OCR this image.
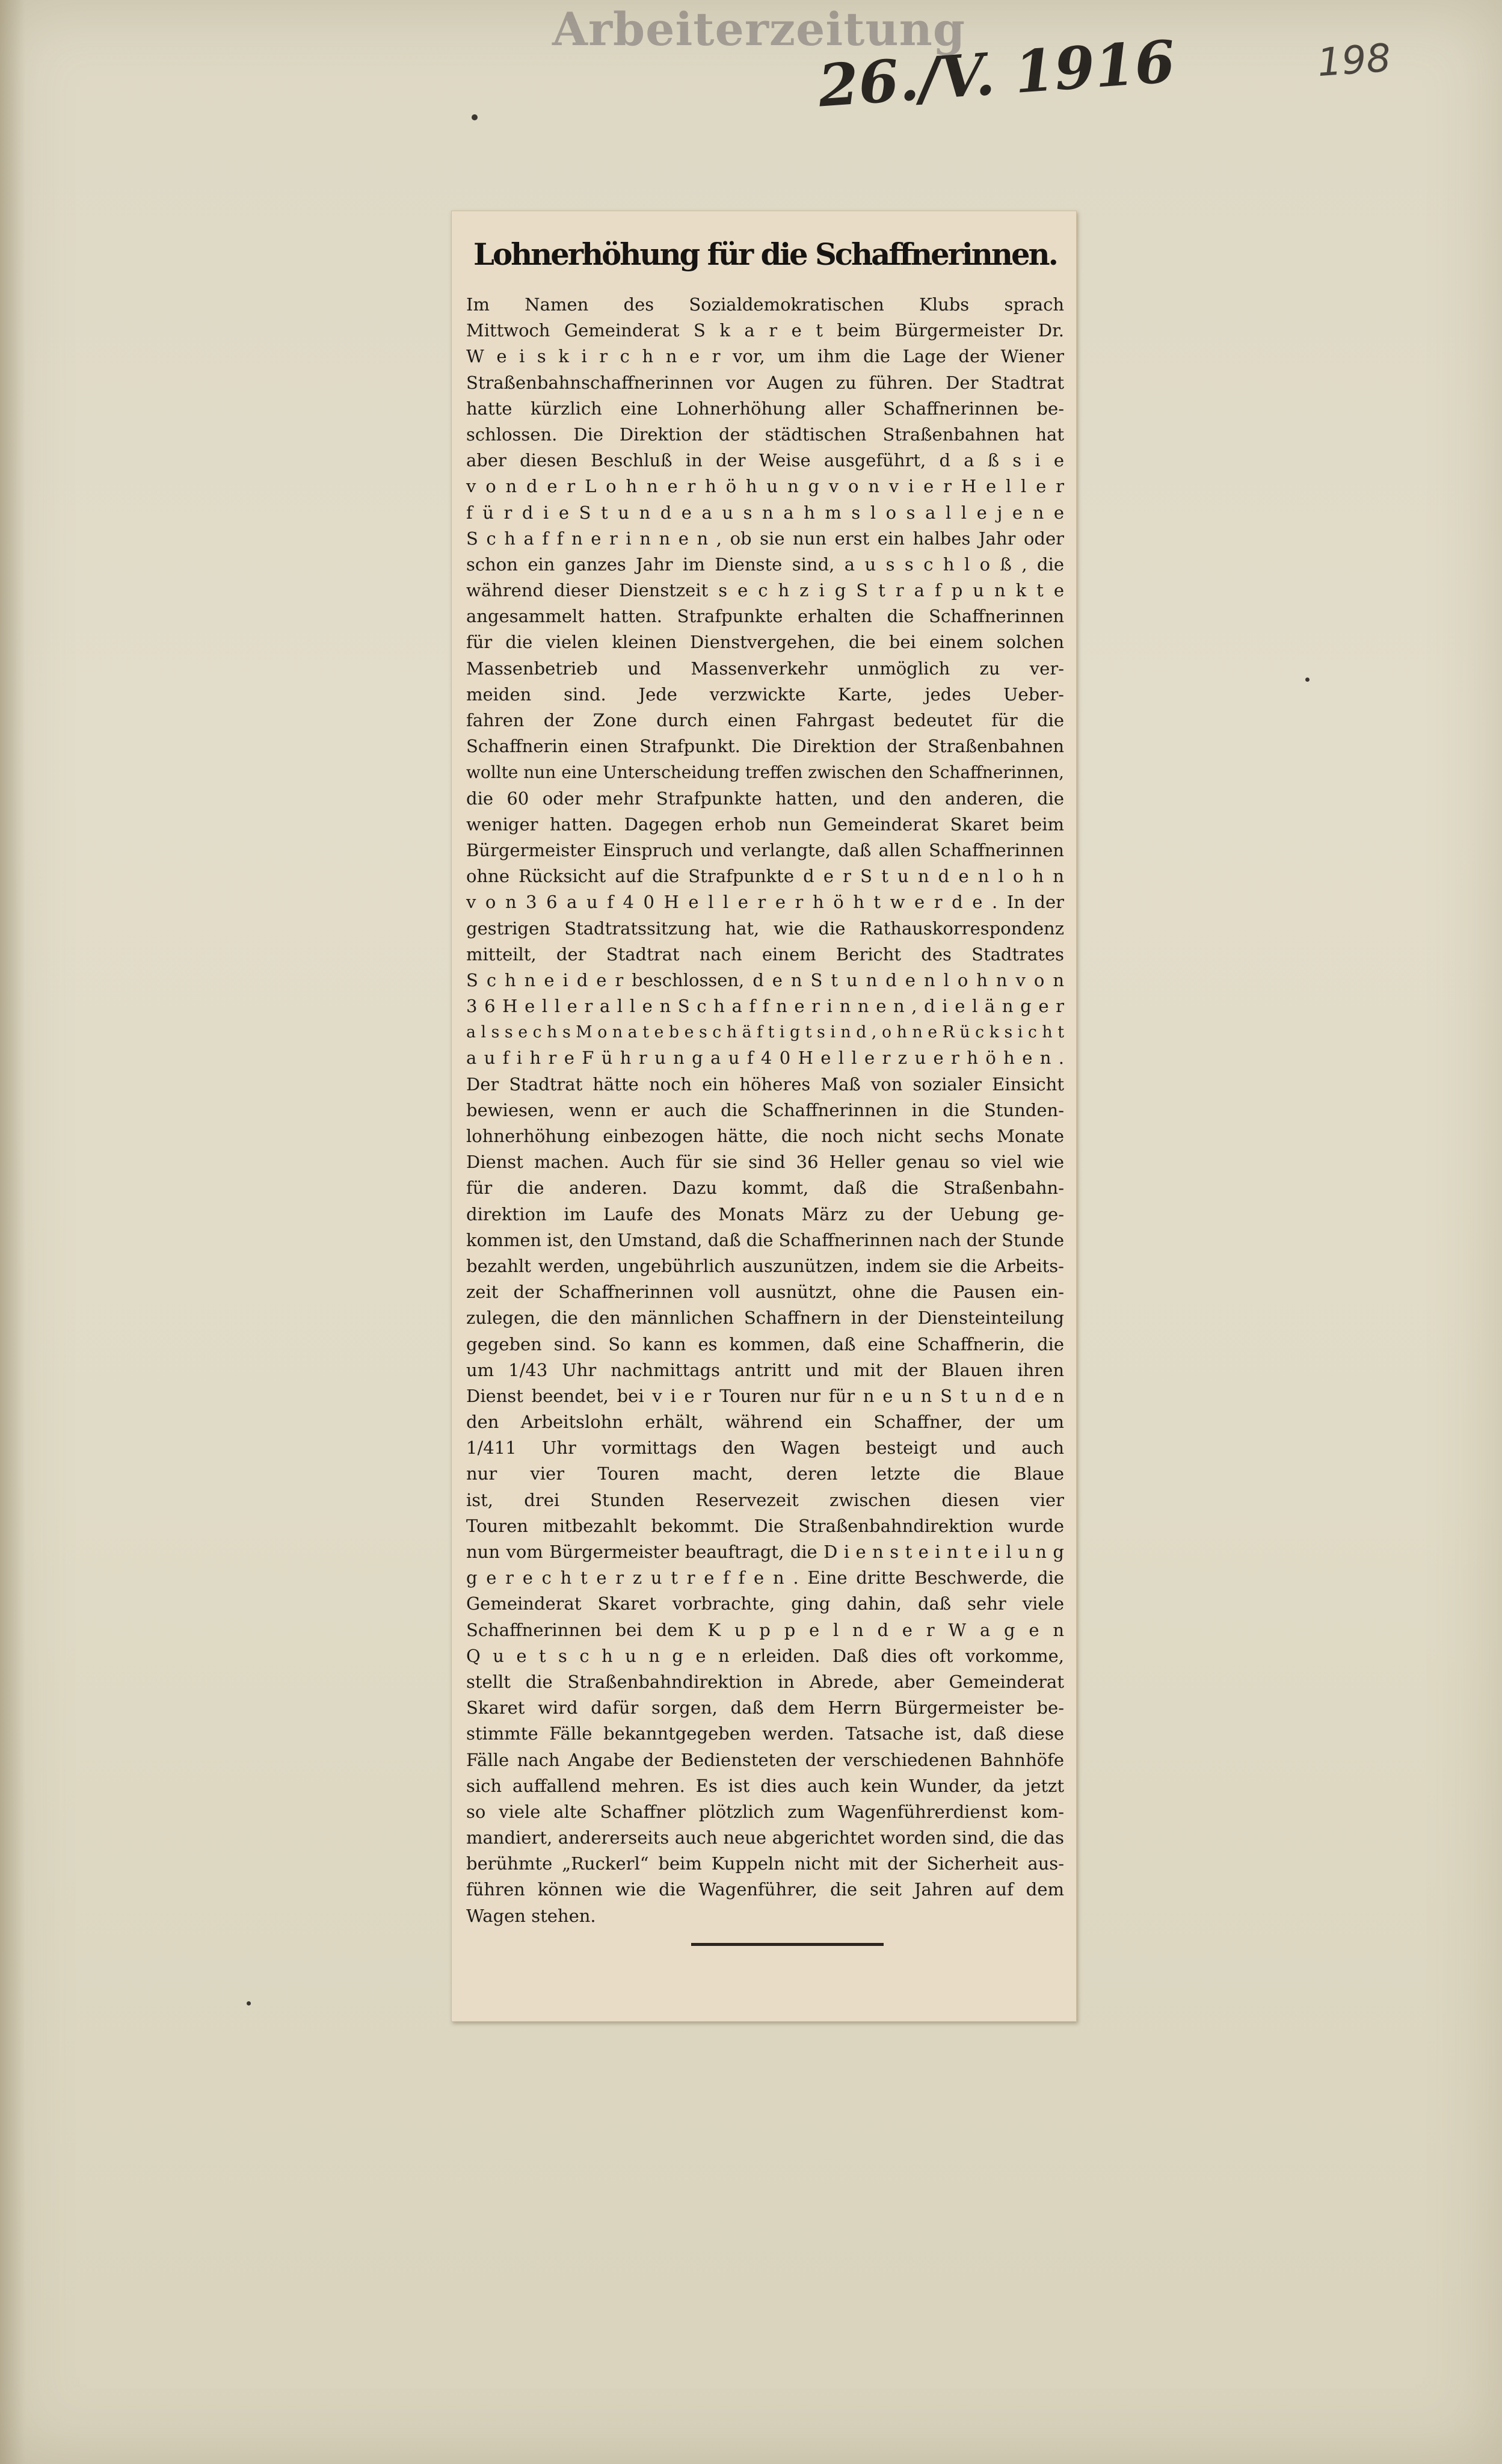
Arbeiterzeitung
26./V. 1916	198
Lohnerhöhung für die Schaffnerinnen.
Im Namen des Sozialdemokratischen Klubs sprach
Mittwoch Gemeinderat S k a r e t beim Bürgermeister Dr.
W e i s k i r c h n e r vor, um ihm die Lage der Wiener
Straßenbahnschaffnerinnen vor Augen zu führen. Der Stadtrat
hatte kürzlich eine Lohnerhöhung aller Schaffnerinnen be-
schlossen. Die Direktion der städtischen Straßenbahnen hat
aber diesen Beschluß in der Weise ausgeführt, d a ß s i e
v o n d e r L o h n e r h ö h u n g v o n v i e r H e l l e r
f ü r d i e S t u n d e a u s n a h m s l o s a l l e j e n e
S c h a f f n e r i n n e n , ob sie nun erst ein halbes Jahr oder
schon ein ganzes Jahr im Dienste sind, a u s s c h l o ß , die
während dieser Dienstzeit s e c h z i g S t r a f p u n k t e
angesammelt hatten. Strafpunkte erhalten die Schaffnerinnen
für die vielen kleinen Dienstvergehen, die bei einem solchen
Massenbetrieb und Massenverkehr unmöglich zu ver-
meiden sind. Jede verzwickte Karte, jedes Ueber-
fahren der Zone durch einen Fahrgast bedeutet für die
Schaffnerin einen Strafpunkt. Die Direktion der Straßenbahnen
wollte nun eine Unterscheidung treffen zwischen den Schaffnerinnen,
die 60 oder mehr Strafpunkte hatten, und den anderen, die
weniger hatten. Dagegen erhob nun Gemeinderat Skaret beim
Bürgermeister Einspruch und verlangte, daß allen Schaffnerinnen
ohne Rücksicht auf die Strafpunkte d e r S t u n d e n l o h n
v o n 3 6 a u f 4 0 H e l l e r e r h ö h t w e r d e . In der
gestrigen Stadtratssitzung hat, wie die Rathauskorrespondenz
mitteilt, der Stadtrat nach einem Bericht des Stadtrates
S c h n e i d e r beschlossen, d e n S t u n d e n l o h n v o n
3 6 H e l l e r a l l e n S c h a f f n e r i n n e n , d i e l ä n g e r
a l s s e c h s M o n a t e b e s c h ä f t i g t s i n d , o h n e R ü c k s i c h t
a u f i h r e F ü h r u n g a u f 4 0 H e l l e r z u e r h ö h e n .
Der Stadtrat hätte noch ein höheres Maß von sozialer Einsicht
bewiesen, wenn er auch die Schaffnerinnen in die Stunden-
lohnerhöhung einbezogen hätte, die noch nicht sechs Monate
Dienst machen. Auch für sie sind 36 Heller genau so viel wie
für die anderen. Dazu kommt, daß die Straßenbahn-
direktion im Laufe des Monats März zu der Uebung ge-
kommen ist, den Umstand, daß die Schaffnerinnen nach der Stunde
bezahlt werden, ungebührlich auszunützen, indem sie die Arbeits-
zeit der Schaffnerinnen voll ausnützt, ohne die Pausen ein-
zulegen, die den männlichen Schaffnern in der Diensteinteilung
gegeben sind. So kann es kommen, daß eine Schaffnerin, die
um 1/43 Uhr nachmittags antritt und mit der Blauen ihren
Dienst beendet, bei v i e r Touren nur für n e u n S t u n d e n
den Arbeitslohn erhält, während ein Schaffner, der um
1/411 Uhr vormittags den Wagen besteigt und auch
nur vier Touren macht, deren letzte die Blaue
ist, drei Stunden Reservezeit zwischen diesen vier
Touren mitbezahlt bekommt. Die Straßenbahndirektion wurde
nun vom Bürgermeister beauftragt, die D i e n s t e i n t e i l u n g
g e r e c h t e r z u t r e f f e n . Eine dritte Beschwerde, die
Gemeinderat Skaret vorbrachte, ging dahin, daß sehr viele
Schaffnerinnen bei dem K u p p e l n d e r W a g e n
Q u e t s c h u n g e n erleiden. Daß dies oft vorkomme,
stellt die Straßenbahndirektion in Abrede, aber Gemeinderat
Skaret wird dafür sorgen, daß dem Herrn Bürgermeister be-
stimmte Fälle bekanntgegeben werden. Tatsache ist, daß diese
Fälle nach Angabe der Bediensteten der verschiedenen Bahnhöfe
sich auffallend mehren. Es ist dies auch kein Wunder, da jetzt
so viele alte Schaffner plötzlich zum Wagenführerdienst kom-
mandiert, andererseits auch neue abgerichtet worden sind, die das
berühmte „Ruckerl“ beim Kuppeln nicht mit der Sicherheit aus-
führen können wie die Wagenführer, die seit Jahren auf dem
Wagen stehen.
